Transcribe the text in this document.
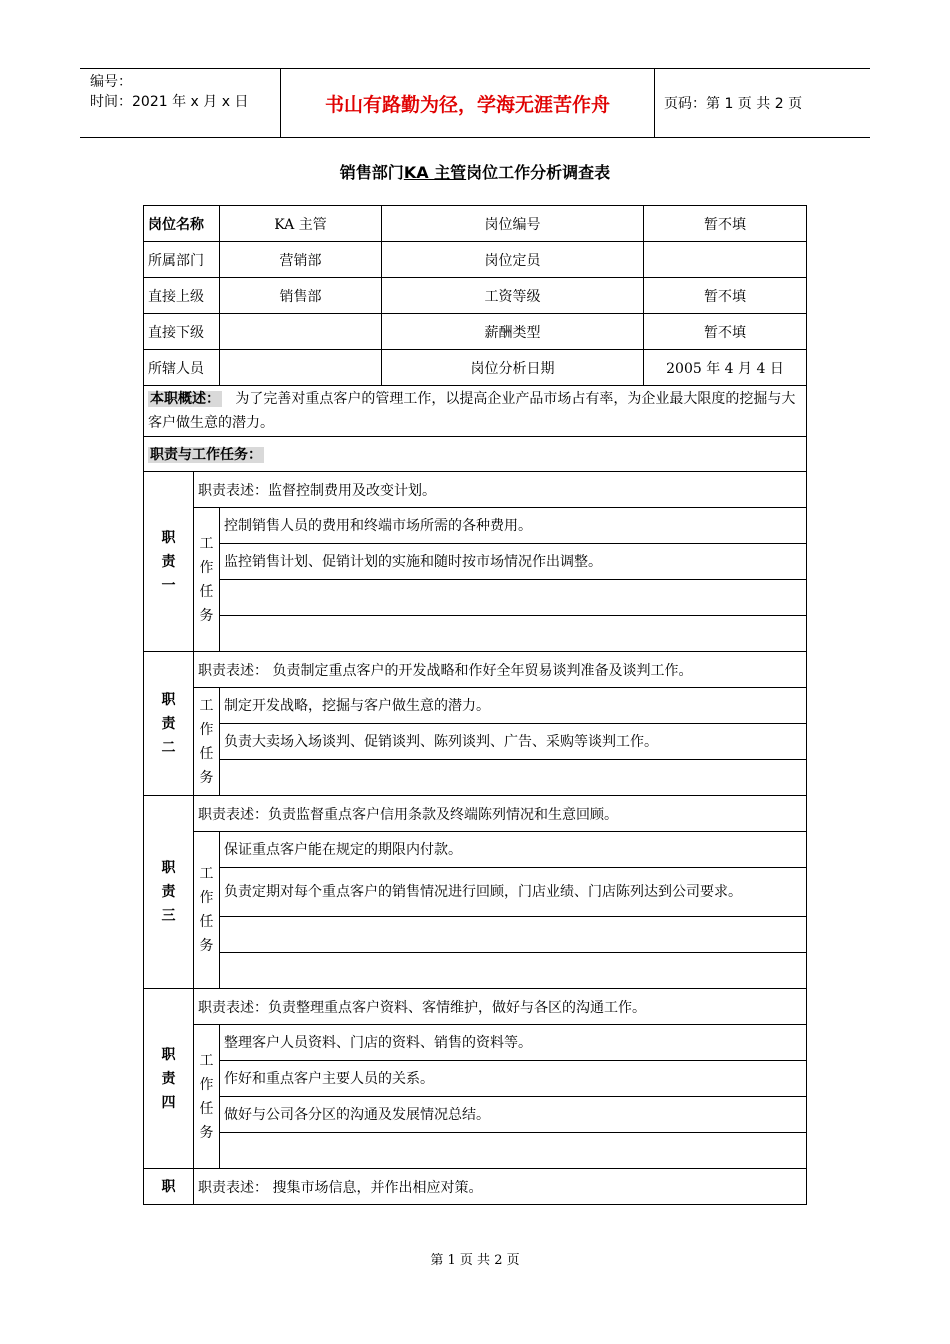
编号：
时间：2021 年 x 月 x 日	书山有路勤为径，学海无涯苦作舟	页码：第 1 页 共 2 页
销售部门KA 主管岗位工作分析调查表
岗位名称		KA 主管	岗位编号	暂不填
所属部门		营销部	岗位定员	
直接上级		销售部	工资等级	暂不填
直接下级			薪酬类型	暂不填
所辖人员			岗位分析日期	2005 年 4 月 4 日
本职概述： 为了完善对重点客户的管理工作，以提高企业产品市场占有率，为企业最大限度的挖掘与大客户做生意的潜力。				
职责与工作任务：				
职责一	职责表述：监督控制费用及改变计划。			
	工作任务	控制销售人员的费用和终端市场所需的各种费用。		
		监控销售计划、促销计划的实施和随时按市场情况作出调整。		

职责二	职责表述： 负责制定重点客户的开发战略和作好全年贸易谈判准备及谈判工作。			
	工作任务	制定开发战略，挖掘与客户做生意的潜力。		
		负责大卖场入场谈判、促销谈判、陈列谈判、广告、采购等谈判工作。		

职责三	职责表述：负责监督重点客户信用条款及终端陈列情况和生意回顾。			
	工作任务	保证重点客户能在规定的期限内付款。		
		负责定期对每个重点客户的销售情况进行回顾，门店业绩、门店陈列达到公司要求。		

职责四	职责表述：负责整理重点客户资料、客情维护，做好与各区的沟通工作。			
	工作任务	整理客户人员资料、门店的资料、销售的资料等。		
		作好和重点客户主要人员的关系。		
		做好与公司各分区的沟通及发展情况总结。		

职	职责表述： 搜集市场信息，并作出相应对策。			
第 1 页 共 2 页
